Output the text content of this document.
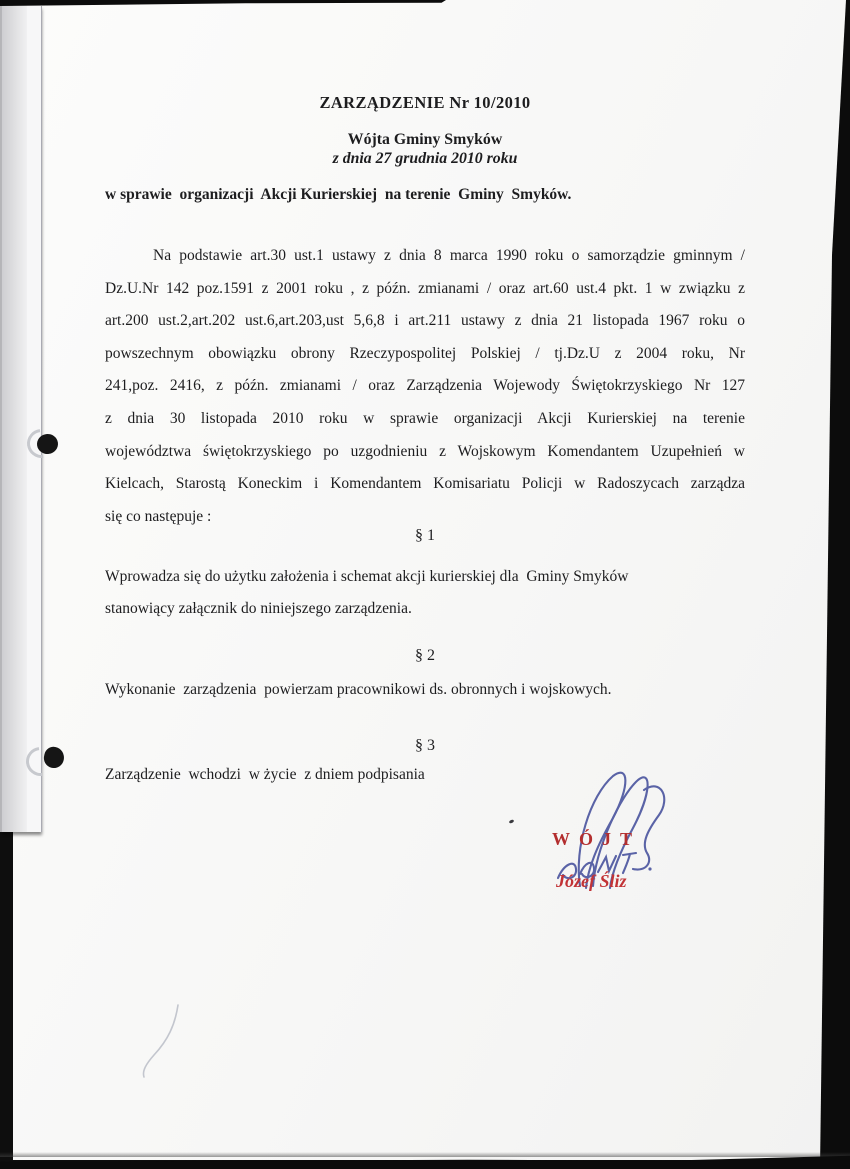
ZARZĄDZENIE Nr 10/2010
Wójta Gminy Smyków
z dnia 27 grudnia 2010 roku
w sprawie  organizacji  Akcji Kurierskiej  na terenie  Gminy  Smyków.
Na podstawie art.30 ust.1 ustawy z dnia 8 marca 1990 roku o samorządzie gminnym /
Dz.U.Nr 142 poz.1591 z 2001 roku , z późn. zmianami / oraz art.60 ust.4 pkt. 1 w związku z
art.200 ust.2,art.202 ust.6,art.203,ust 5,6,8 i art.211 ustawy z dnia 21 listopada 1967 roku o
powszechnym obowiązku obrony Rzeczypospolitej Polskiej / tj.Dz.U z 2004 roku, Nr
241,poz. 2416, z późn. zmianami / oraz Zarządzenia Wojewody Świętokrzyskiego Nr 127
z dnia 30 listopada 2010 roku w sprawie organizacji Akcji Kurierskiej na terenie
województwa świętokrzyskiego po uzgodnieniu z Wojskowym Komendantem Uzupełnień w
Kielcach, Starostą Koneckim i Komendantem Komisariatu Policji w Radoszycach zarządza
się co następuje :
§ 1
Wprowadza się do użytku założenia i schemat akcji kurierskiej dla  Gminy Smyków
stanowiący załącznik do niniejszego zarządzenia.
§ 2
Wykonanie  zarządzenia  powierzam pracownikowi ds. obronnych i wojskowych.
§ 3
Zarządzenie  wchodzi  w życie  z dniem podpisania
WÓJT
Józef Śliz
